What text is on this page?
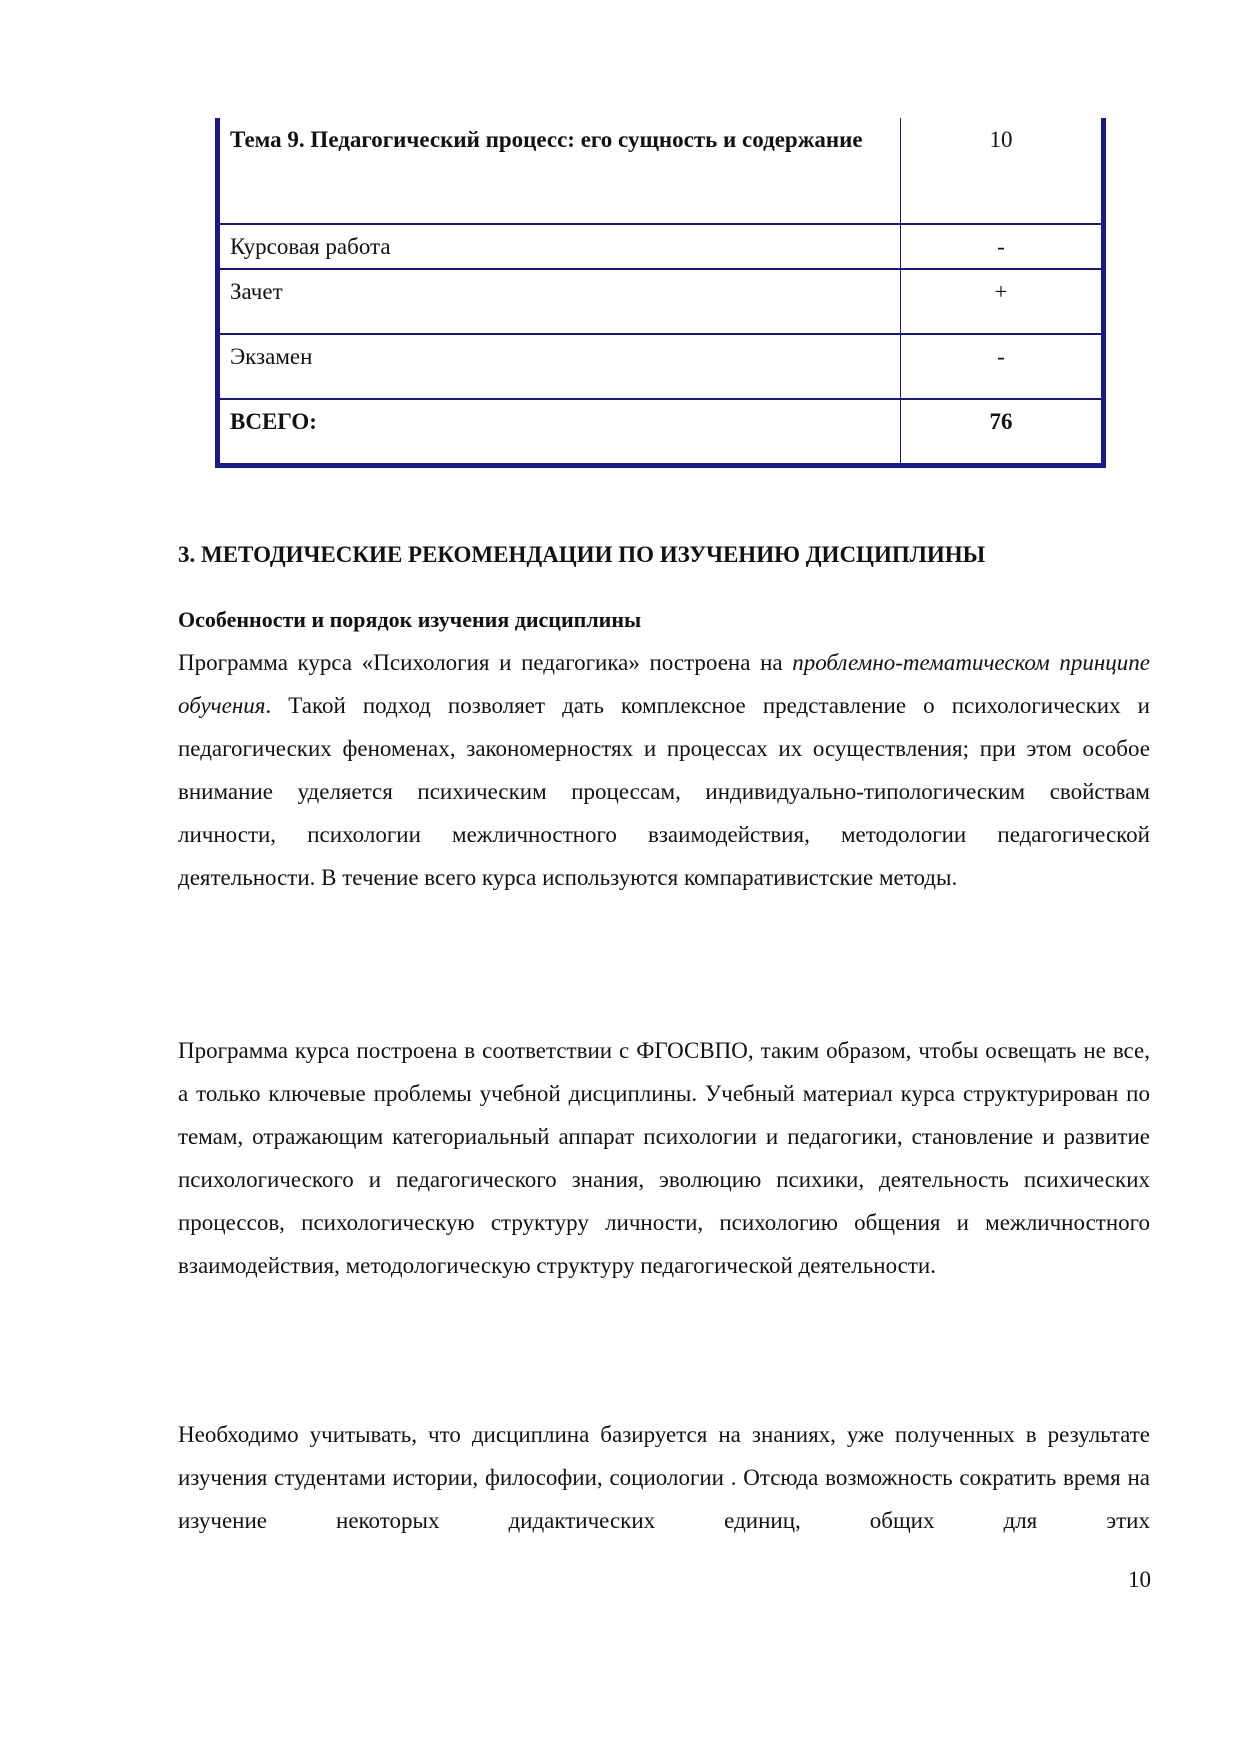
Тема 9. Педагогический процесс: его сущность и содержание	10
Курсовая работа	-
Зачет	+
Экзамен	-
ВСЕГО:	76
3. МЕТОДИЧЕСКИЕ РЕКОМЕНДАЦИИ ПО ИЗУЧЕНИЮ ДИСЦИПЛИНЫ
Особенности и порядок изучения дисциплины

Программа курса «Психология и педагогика» построена на проблемно-тематическом принципе обучения. Такой подход позволяет дать комплексное представление о психологических и педагогических феноменах, закономерностях и процессах их осуществления; при этом особое внимание уделяется психическим процессам, индивидуально-типологическим свойствам личности, психологии межличностного взаимодействия, методологии педагогической деятельности. В течение всего курса используются компаративистские методы.

Программа курса построена в соответствии с ФГОСВПО, таким образом, чтобы освещать не все, а только ключевые проблемы учебной дисциплины. Учебный материал курса структурирован по темам, отражающим категориальный аппарат психологии и педагогики, становление и развитие психологического и педагогического знания, эволюцию психики, деятельность психических процессов, психологическую структуру личности, психологию общения и межличностного взаимодействия, методологическую структуру педагогической деятельности.

Необходимо учитывать, что дисциплина базируется на знаниях, уже полученных в результате изучения студентами истории, философии, социологии . Отсюда возможность сократить время на изучение некоторых дидактических единиц, общих для этих

10
